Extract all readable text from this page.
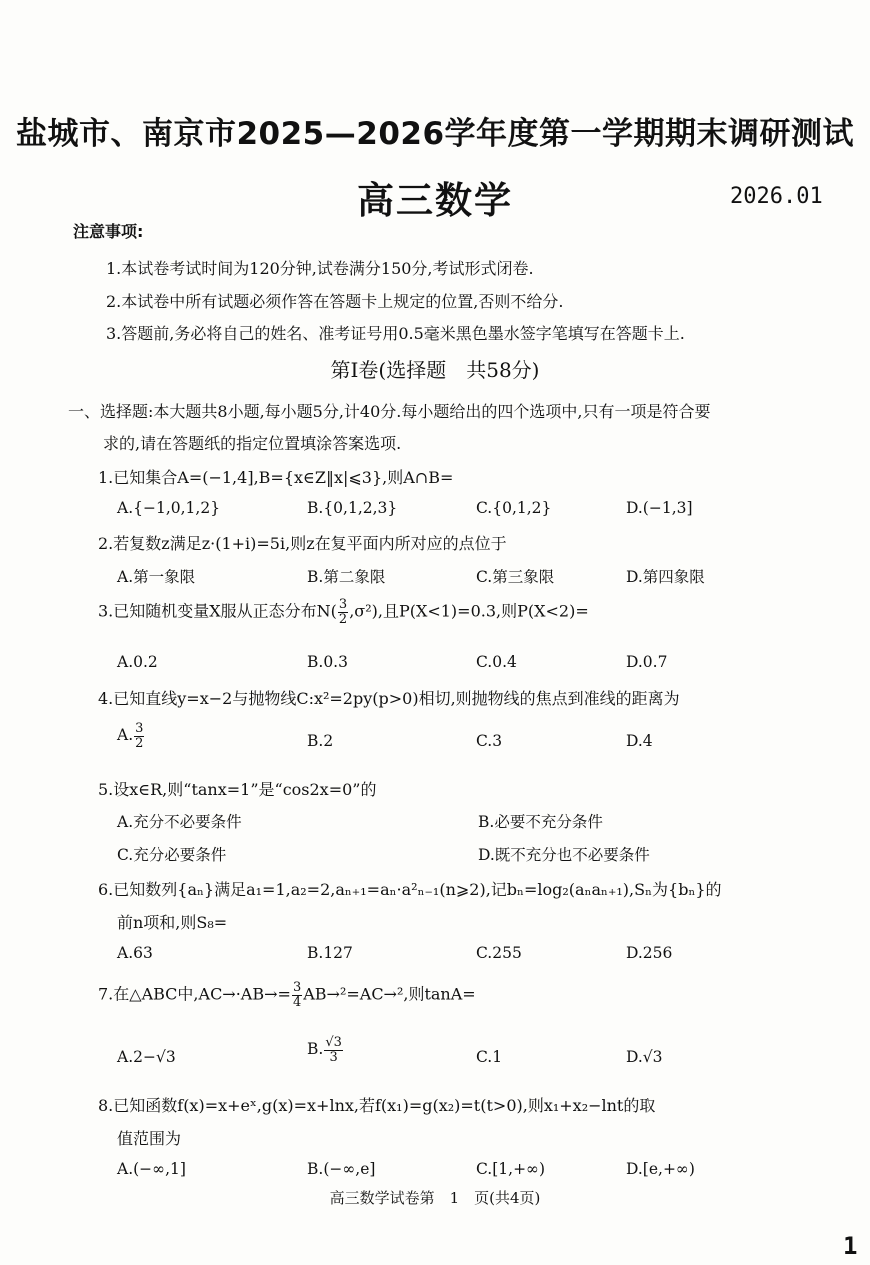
盐城市、南京市2025—2026学年度第一学期期末调研测试
高三数学	2026.01
注意事项:
1.本试卷考试时间为120分钟,试卷满分150分,考试形式闭卷.
2.本试卷中所有试题必须作答在答题卡上规定的位置,否则不给分.
3.答题前,务必将自己的姓名、准考证号用0.5毫米黑色墨水签字笔填写在答题卡上.
第Ⅰ卷(选择题　共58分)
一、选择题:本大题共8小题,每小题5分,计40分.每小题给出的四个选项中,只有一项是符合要
求的,请在答题纸的指定位置填涂答案选项.
1.已知集合A=(−1,4],B={x∈Z‖x|⩽3},则A∩B=
A.{−1,0,1,2}	B.{0,1,2,3}	C.{0,1,2}	D.(−1,3]
2.若复数z满足z·(1+i)=5i,则z在复平面内所对应的点位于
A.第一象限	B.第二象限	C.第三象限	D.第四象限
3.已知随机变量X服从正态分布$N( \frac{3}{2} ,\sigma^2)$,且P(X<1)=0.3,则P(X<2)=
A.0.2	B.0.3	C.0.4	D.0.7
4.已知直线y=x−2与抛物线C:x²=2py(p>0)相切,则抛物线的焦点到准线的距离为
A. $\frac{3}{2}$	B.2	C.3	D.4
5.设x∈R,则“tanx=1”是“cos2x=0”的
A.充分不必要条件	B.必要不充分条件
C.充分必要条件	D.既不充分也不必要条件
6.已知数列{aₙ}满足a₁=1,a₂=2,aₙ₊₁=aₙ·a²ₙ₋₁(n⩾2),记bₙ=log₂(aₙaₙ₊₁),Sₙ为{bₙ}的
前n项和,则S₈=
A.63	B.127	C.255	D.256
7.在△ABC中$,AC\to\cdot AB\to= \frac{3}{4} AB\to^2=AC\to^2$,则tanA=
A.2−√3	B. $\frac{√3}{3}$	C.1	D.√3
8.已知函数f(x)=x+eˣ,g(x)=x+lnx,若f(x₁)=g(x₂)=t(t>0),则x₁+x₂−lnt的取
值范围为
A.(−∞,1]	B.(−∞,e]	C.[1,+∞)	D.[e,+∞)
高三数学试卷第　1　页(共4页)
1
